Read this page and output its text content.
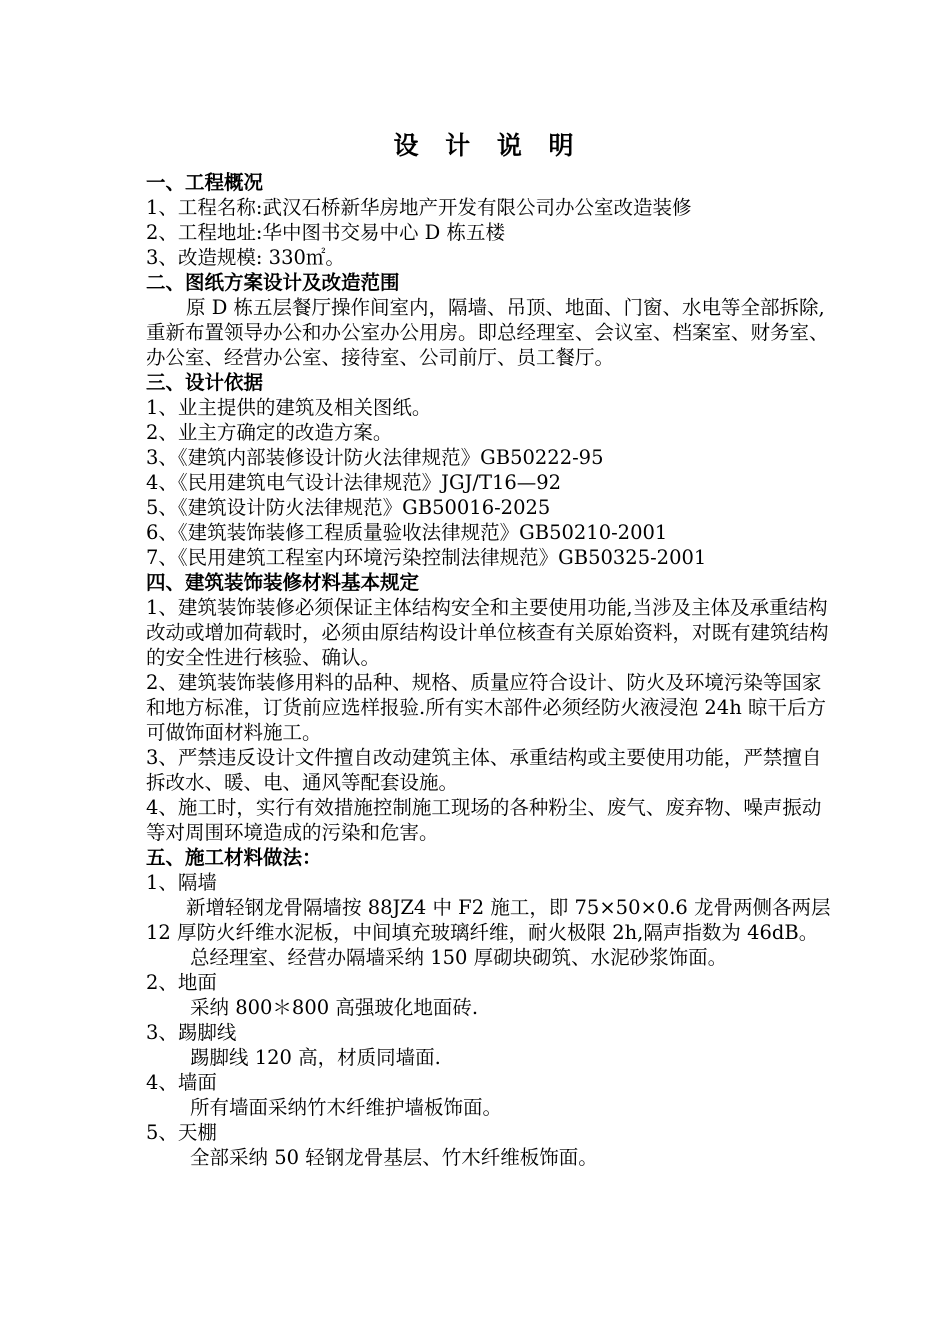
设 计 说 明

一、工程概况

1、工程名称:武汉石桥新华房地产开发有限公司办公室改造装修

2、工程地址:华中图书交易中心 D 栋五楼

3、改造规模: 330㎡。

二、图纸方案设计及改造范围

原 D 栋五层餐厅操作间室内，隔墙、吊顶、地面、门窗、水电等全部拆除,重新布置领导办公和办公室办公用房。即总经理室、会议室、档案室、财务室、办公室、经营办公室、接待室、公司前厅、员工餐厅。

三、设计依据

1、业主提供的建筑及相关图纸。

2、业主方确定的改造方案。

3、《建筑内部装修设计防火法律规范》GB50222-95

4、《民用建筑电气设计法律规范》JGJ/T16—92

5、《建筑设计防火法律规范》GB50016-2025

6、《建筑装饰装修工程质量验收法律规范》GB50210-2001

7、《民用建筑工程室内环境污染控制法律规范》GB50325-2001

四、建筑装饰装修材料基本规定

1、建筑装饰装修必须保证主体结构安全和主要使用功能,当涉及主体及承重结构改动或增加荷载时，必须由原结构设计单位核查有关原始资料，对既有建筑结构的安全性进行核验、确认。

2、建筑装饰装修用料的品种、规格、质量应符合设计、防火及环境污染等国家和地方标准，订货前应选样报验.所有实木部件必须经防火液浸泡 24h 晾干后方可做饰面材料施工。

3、严禁违反设计文件擅自改动建筑主体、承重结构或主要使用功能，严禁擅自拆改水、暖、电、通风等配套设施。

4、施工时，实行有效措施控制施工现场的各种粉尘、废气、废弃物、噪声振动等对周围环境造成的污染和危害。

五、施工材料做法：

1、隔墙

新增轻钢龙骨隔墙按 88JZ4 中 F2 施工，即 75×50×0.6 龙骨两侧各两层 12 厚防火纤维水泥板，中间填充玻璃纤维，耐火极限 2h,隔声指数为 46dB。

总经理室、经营办隔墙采纳 150 厚砌块砌筑、水泥砂浆饰面。

2、地面

采纳 800＊800 高强玻化地面砖.

3、踢脚线

踢脚线 120 高，材质同墙面.

4、墙面

所有墙面采纳竹木纤维护墙板饰面。

5、天棚

全部采纳 50 轻钢龙骨基层、竹木纤维板饰面。
